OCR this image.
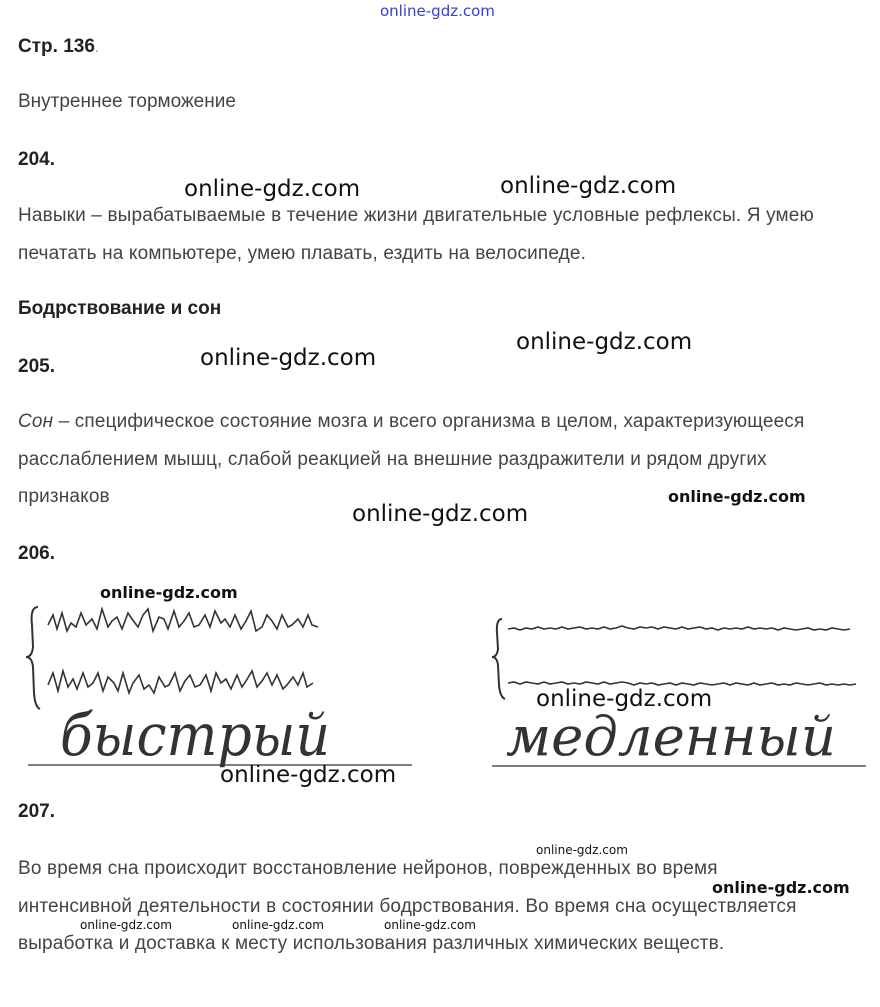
online-gdz.com
Стр. 136.
Внутреннее торможение
204.
Навыки – вырабатываемые в течение жизни двигательные условные рефлексы. Я умею печатать на компьютере, умею плавать, ездить на велосипеде.
Бодрствование и сон
205.
Сон – специфическое состояние мозга и всего организма в целом, характеризующееся расслаблением мышц, слабой реакцией на внешние раздражители и рядом других признаков
206.
быстрый	медленный
207.
Во время сна происходит восстановление нейронов, поврежденных во время интенсивной деятельности в состоянии бодрствования. Во время сна осуществляется выработка и доставка к месту использования различных химических веществ.
online-gdz.com	online-gdz.com
online-gdz.com
online-gdz.com
online-gdz.com
online-gdz.com
online-gdz.com
online-gdz.com
online-gdz.com
online-gdz.com
online-gdz.com
online-gdz.com	online-gdz.com	online-gdz.com
